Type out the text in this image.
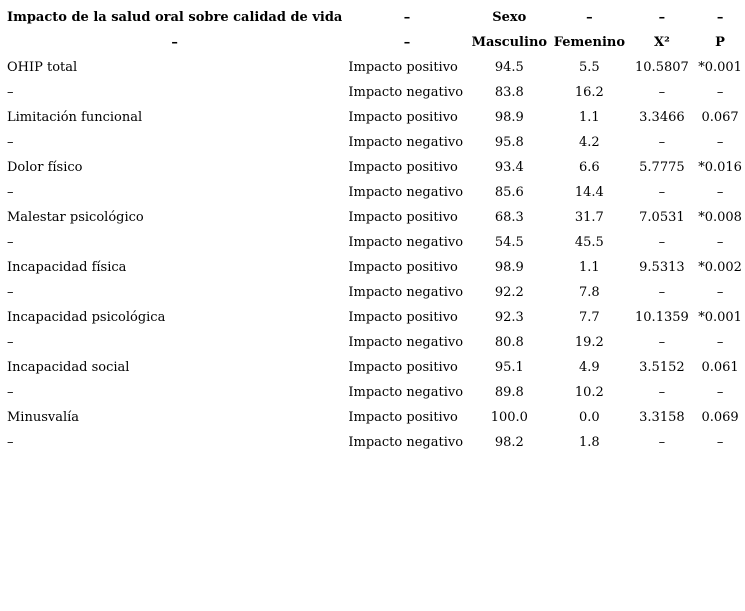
Impacto de la salud oral sobre calidad de vida	–	Sexo	–	–	–
–	–	Masculino	Femenino	X²	P
OHIP total	Impacto positivo	94.5	5.5	10.5807	*0.001
–	Impacto negativo	83.8	16.2	–	–
Limitación funcional	Impacto positivo	98.9	1.1	3.3466	0.067
–	Impacto negativo	95.8	4.2	–	–
Dolor físico	Impacto positivo	93.4	6.6	5.7775	*0.016
–	Impacto negativo	85.6	14.4	–	–
Malestar psicológico	Impacto positivo	68.3	31.7	7.0531	*0.008
–	Impacto negativo	54.5	45.5	–	–
Incapacidad física	Impacto positivo	98.9	1.1	9.5313	*0.002
–	Impacto negativo	92.2	7.8	–	–
Incapacidad psicológica	Impacto positivo	92.3	7.7	10.1359	*0.001
–	Impacto negativo	80.8	19.2	–	–
Incapacidad social	Impacto positivo	95.1	4.9	3.5152	0.061
–	Impacto negativo	89.8	10.2	–	–
Minusvalía	Impacto positivo	100.0	0.0	3.3158	0.069
–	Impacto negativo	98.2	1.8	–	–
